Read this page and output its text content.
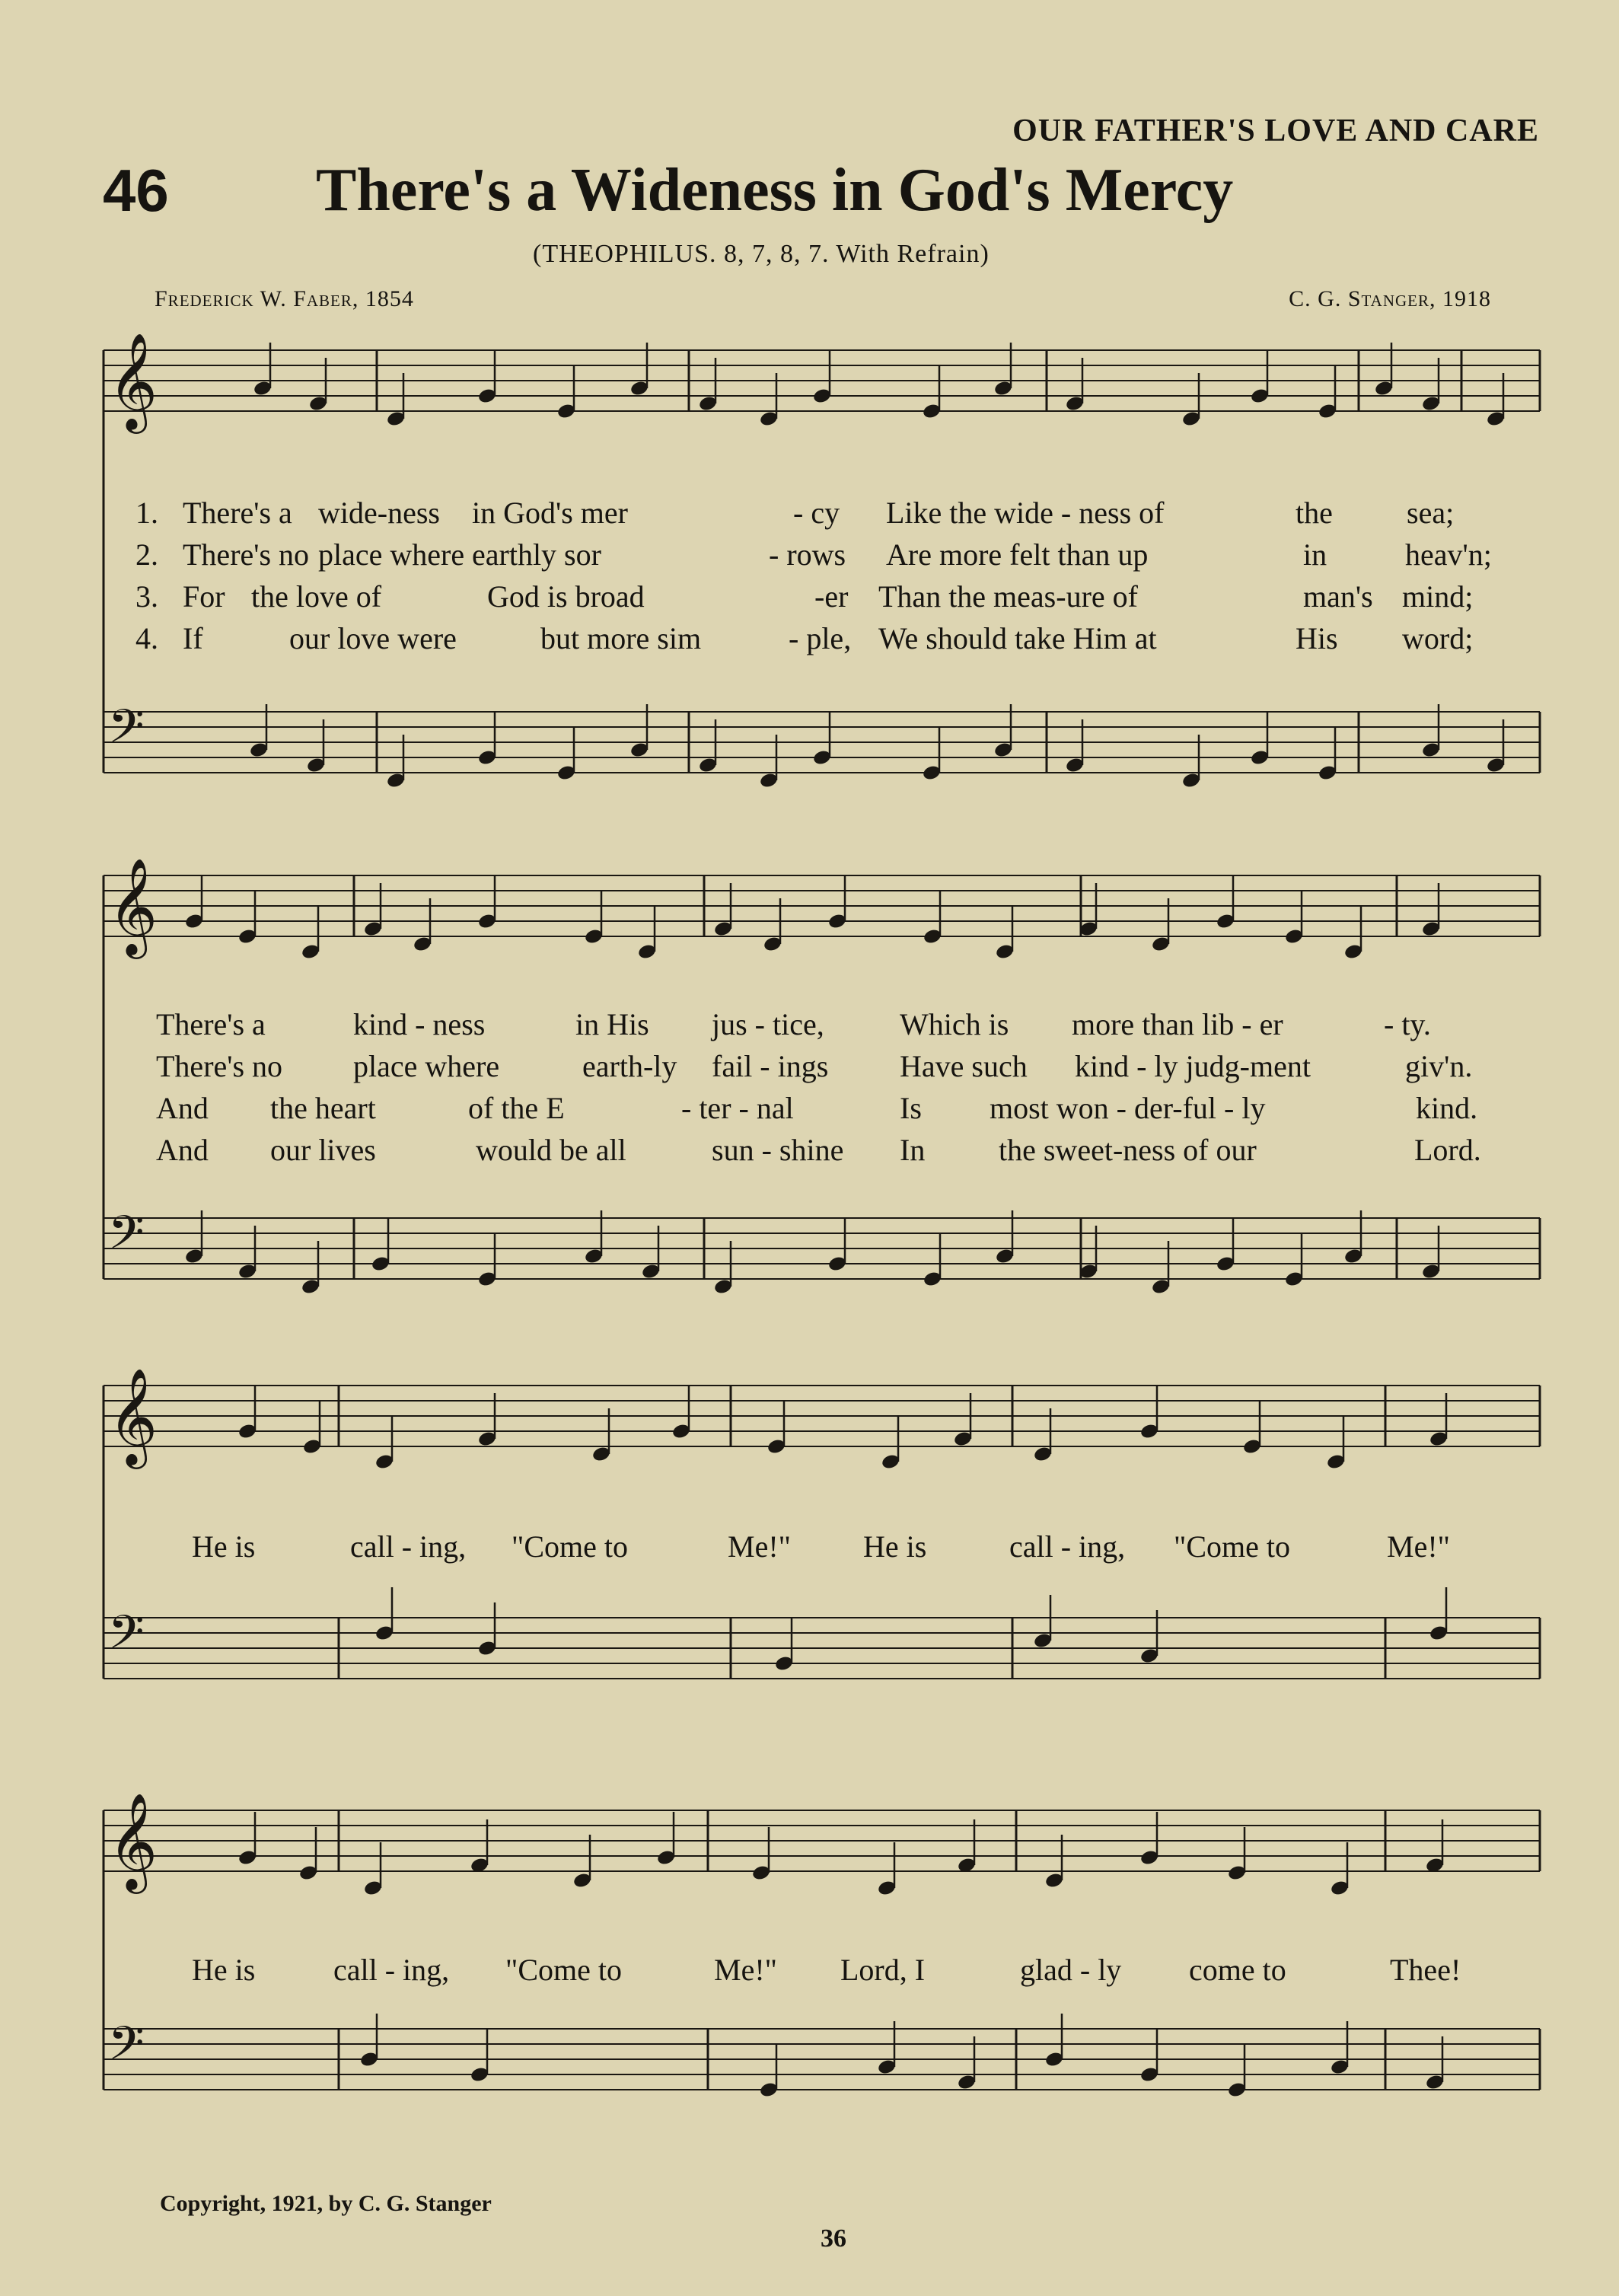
OUR FATHER'S LOVE AND CARE
46 There's a Wideness in God's Mercy
(THEOPHILUS. 8, 7, 8, 7. With Refrain)
Frederick W. Faber, 1854	C. G. Stanger, 1918
𝄞
𝄢
𝄞
𝄢
𝄞
𝄢
𝄞
𝄢
1. There's a wide-ness in God's mer	- cy Like the wide - ness of	the sea;
2. There's no place where earthly sor	- rows Are more felt than up	in	heav'n;
3. For the love of	God is broad	-er Than the meas-ure of	man's mind;
4. If	our love were	but more sim	- ple, We should take Him at	His word;
There's a	kind - ness	in His jus - tice, Which is more than lib - er	- ty.
There's no place where	earth-ly fail - ings Have such kind - ly judg-ment	giv'n.
And the heart	of the E	- ter - nal	Is most won - der-ful - ly	kind.
And our lives	would be all	sun - shine In the sweet-ness of our	Lord.
He is	call - ing, "Come to	Me!" He is	call - ing, "Come to	Me!"
He is	call - ing, "Come to	Me!" Lord, I	glad - ly come to	Thee!
Copyright, 1921, by C. G. Stanger
36
